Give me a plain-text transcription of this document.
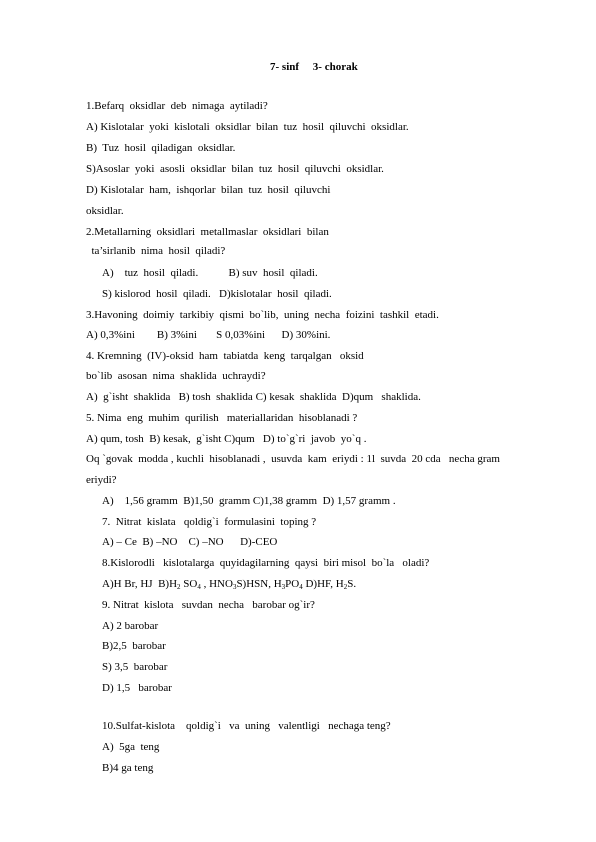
7- sinf     3- chorak
1.Befarq  oksidlar  deb  nimaga  aytiladi?
A) Kislotalar  yoki  kislotali  oksidlar  bilan  tuz  hosil  qiluvchi  oksidlar.
B)  Tuz  hosil  qiladigan  oksidlar.
S)Asoslar  yoki  asosli  oksidlar  bilan  tuz  hosil  qiluvchi  oksidlar.
D) Kislotalar  ham,  ishqorlar  bilan  tuz  hosil  qiluvchi
oksidlar.
2.Metallarning  oksidlari  metallmaslar  oksidlari  bilan
ta’sirlanib  nima  hosil  qiladi?
A)    tuz  hosil  qiladi.           B) suv  hosil  qiladi.
S) kislorod  hosil  qiladi.   D)kislotalar  hosil  qiladi.
3.Havoning  doimiy  tarkibiy  qismi  bo`lib,  uning  necha  foizini  tashkil  etadi.
A) 0,3%ini        B) 3%ini       S 0,03%ini      D) 30%ini.
4. Kremning  (IV)-oksid  ham  tabiatda  keng  tarqalgan   oksid
bo`lib  asosan  nima  shaklida  uchraydi?
A)  g`isht  shaklida   B) tosh  shaklida C) kesak  shaklida  D)qum   shaklida.
5. Nima  eng  muhim  qurilish   materiallaridan  hisoblanadi ?
A) qum, tosh  B) kesak,  g`isht C)qum   D) to`g`ri  javob  yo`q .
Oq `govak  modda , kuchli  hisoblanadi ,  usuvda  kam  eriydi : 1l  suvda  20 cda   necha gram
eriydi?
A)    1,56 gramm  B)1,50  gramm C)1,38 gramm  D) 1,57 gramm .
7.  Nitrat  kislata   qoldig`i  formulasini  toping ?
A) – Ce  B) –NO    C) –NO      D)-CEO
8.Kislorodli   kislotalarga  quyidagilarning  qaysi  biri misol  bo`la   oladi?
A)H Br, HJ  $B)H_2$ $SO_4$ , $HNO_3S)HSN$, $H_3PO_4$ D)HF, $H_2S$.
9. Nitrat  kislota   suvdan  necha   barobar og`ir?
A) 2 barobar
B)2,5  barobar
S) 3,5  barobar
D) 1,5   barobar
10.Sulfat-kislota    qoldig`i   va  uning   valentligi   nechaga teng?
A)  5ga  teng
B)4 ga teng
